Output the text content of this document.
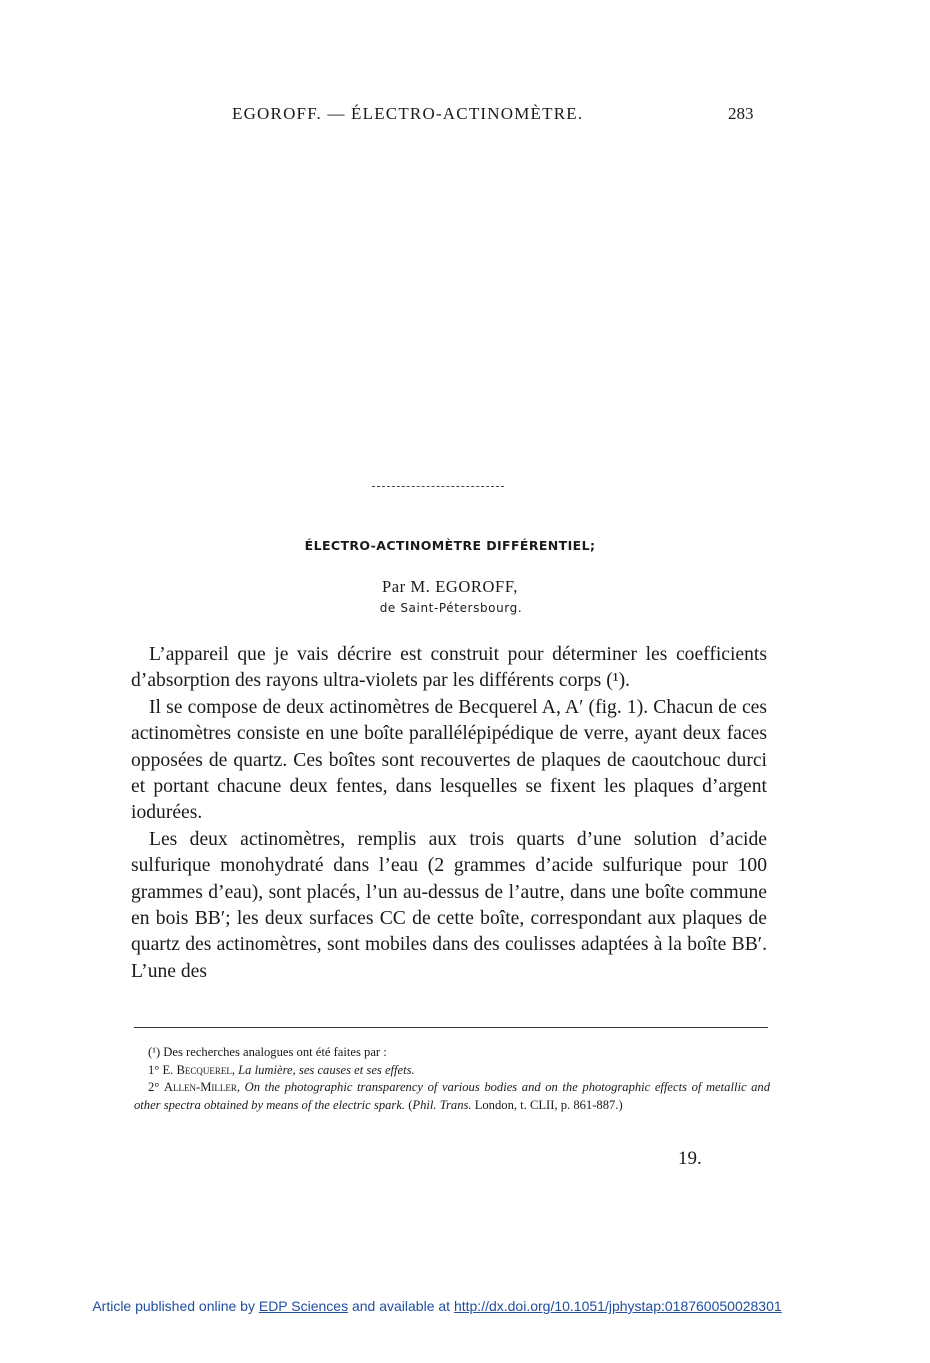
EGOROFF. — ÉLECTRO-ACTINOMÈTRE.	283
ÉLECTRO-ACTINOMÈTRE DIFFÉRENTIEL;
Par M. EGOROFF,
de Saint-Pétersbourg.

L’appareil que je vais décrire est construit pour déterminer les coefficients d’absorption des rayons ultra-violets par les différents corps (¹).

Il se compose de deux actinomètres de Becquerel A, A′ (fig. 1). Chacun de ces actinomètres consiste en une boîte parallélépipédique de verre, ayant deux faces opposées de quartz. Ces boîtes sont recouvertes de plaques de caoutchouc durci et portant chacune deux fentes, dans lesquelles se fixent les plaques d’argent iodurées.

Les deux actinomètres, remplis aux trois quarts d’une solution d’acide sulfurique monohydraté dans l’eau (2 grammes d’acide sulfurique pour 100 grammes d’eau), sont placés, l’un au-dessus de l’autre, dans une boîte commune en bois BB′; les deux surfaces CC de cette boîte, correspondant aux plaques de quartz des actinomètres, sont mobiles dans des coulisses adaptées à la boîte BB′. L’une des

(¹) Des recherches analogues ont été faites par :

1° E. Becquerel, La lumière, ses causes et ses effets.

2° Allen-Miller, On the photographic transparency of various bodies and on the photographic effects of metallic and other spectra obtained by means of the electric spark. (Phil. Trans. London, t. CLII, p. 861-887.)

19.
Article published online by EDP Sciences and available at http://dx.doi.org/10.1051/jphystap:018760050028301
